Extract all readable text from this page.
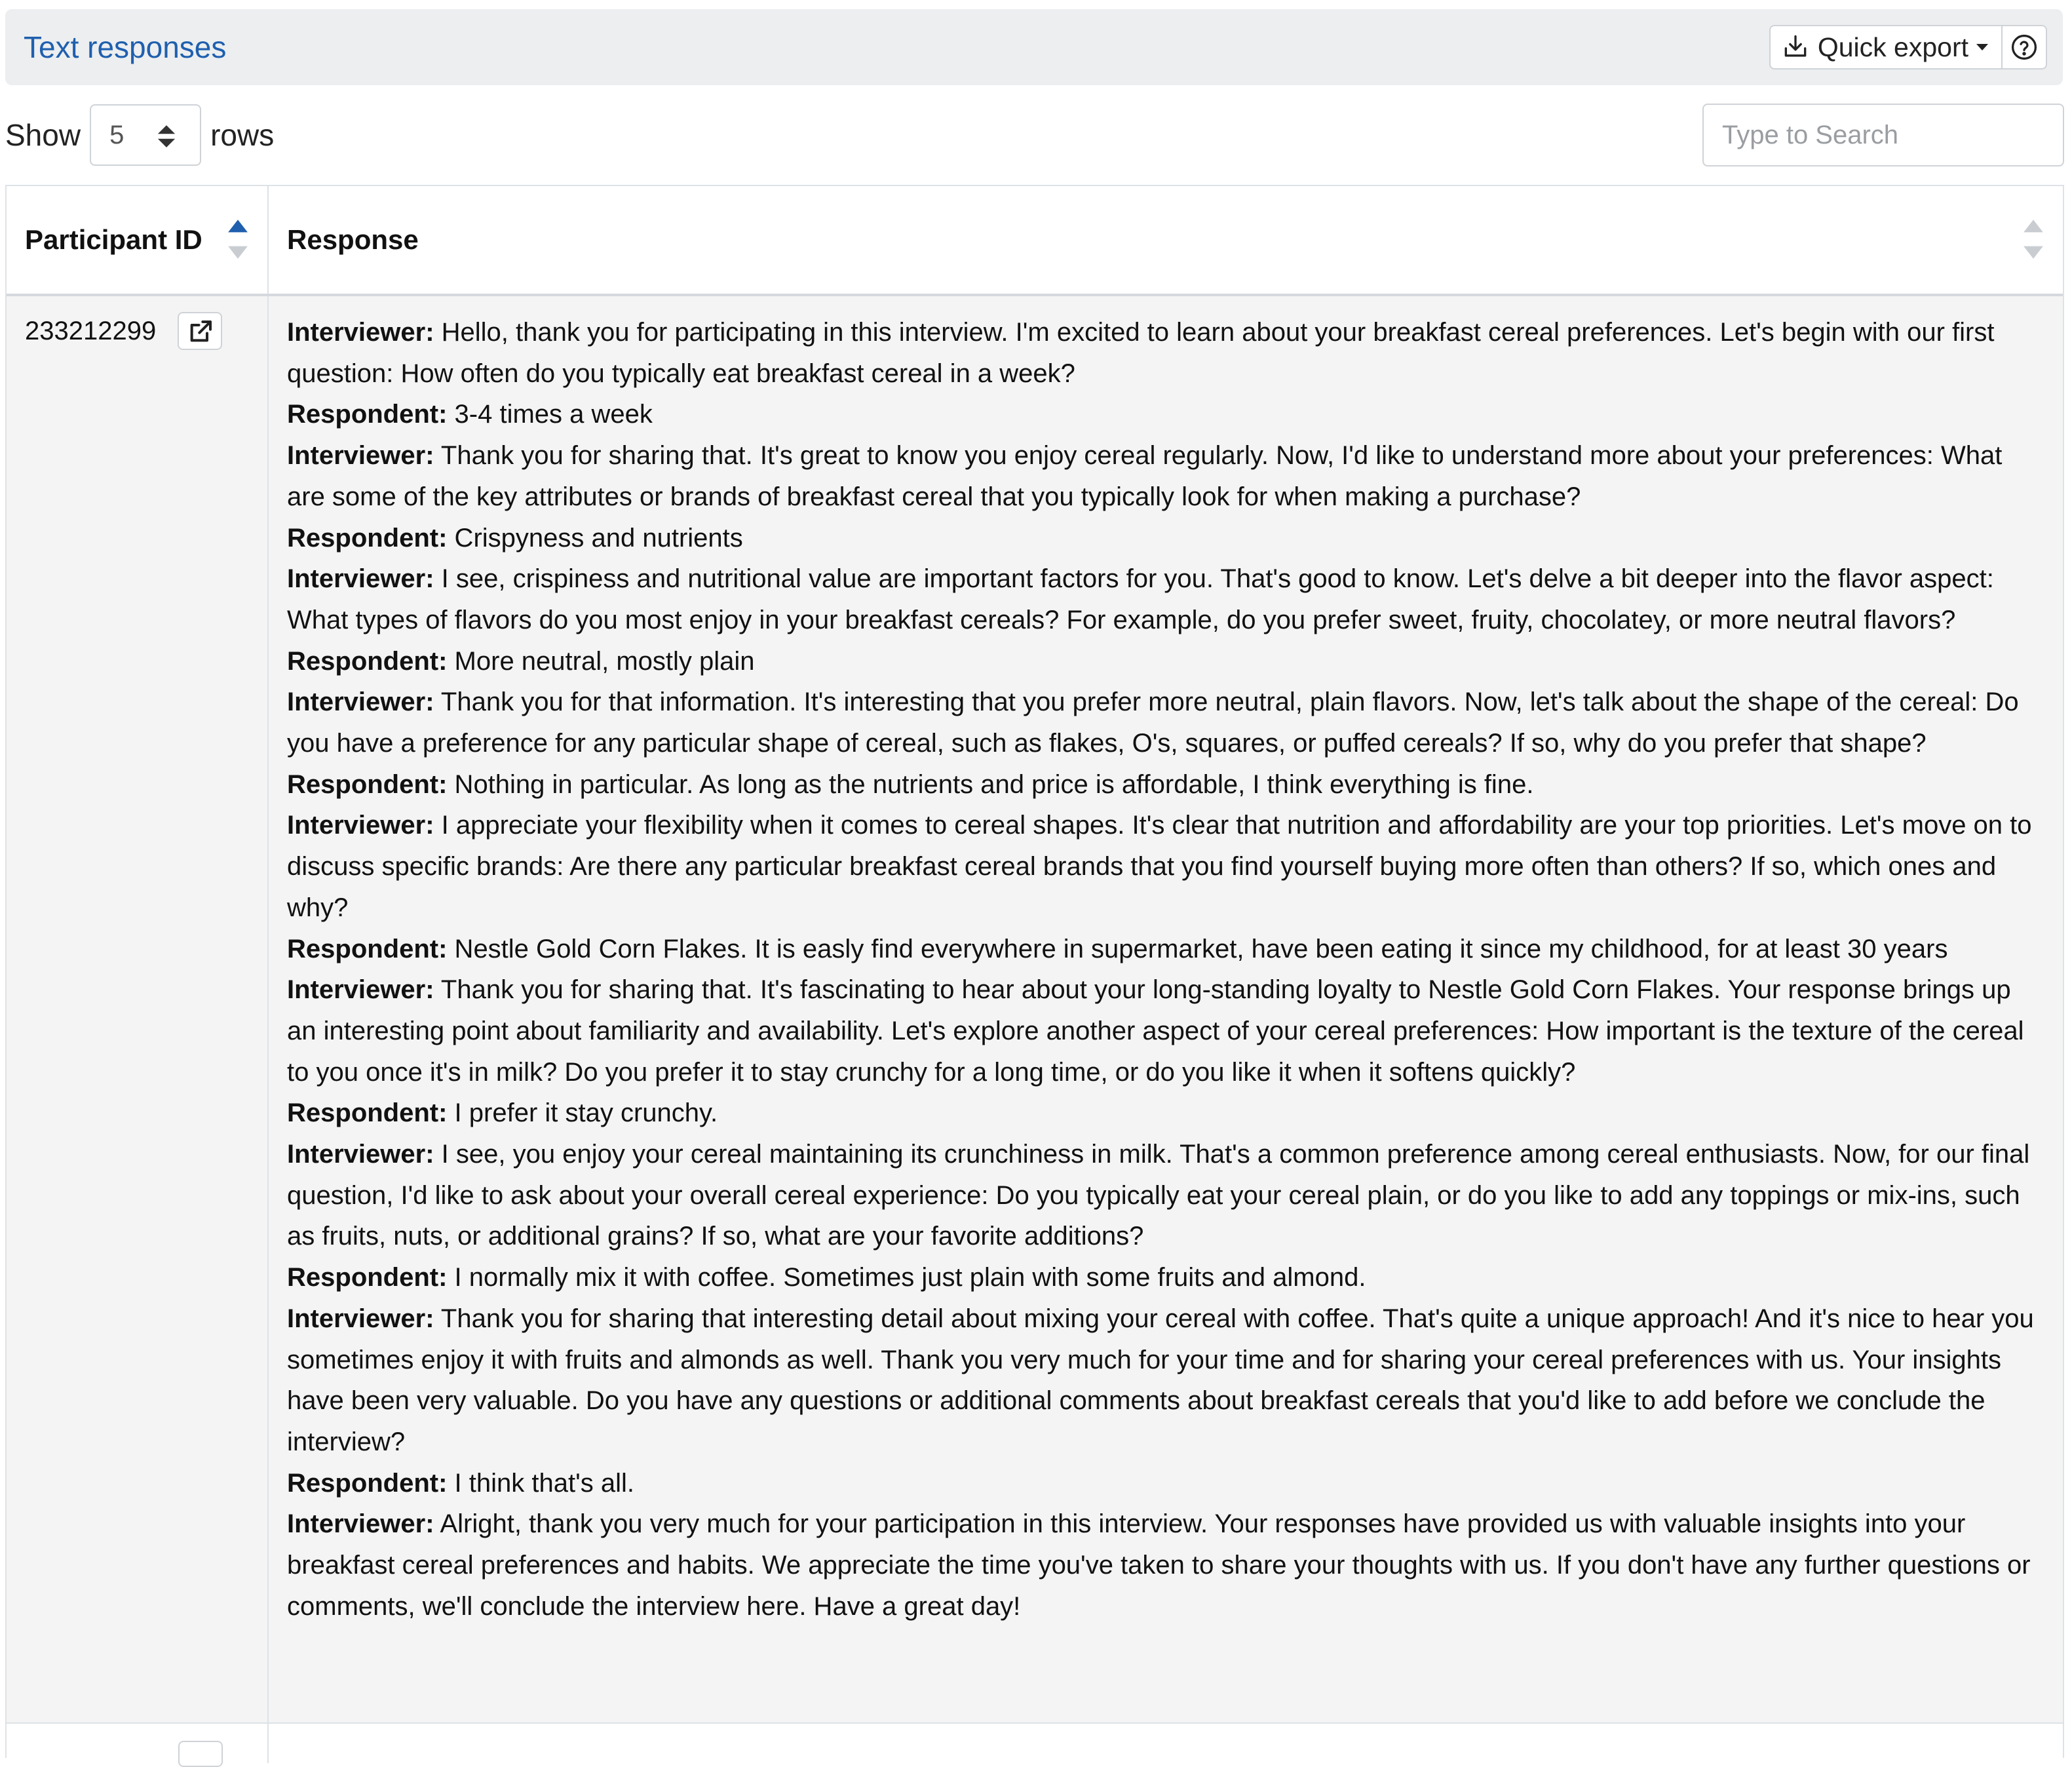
Text responses	Quick export
Show 5	rows
Type to Search
Participant ID	Response
233212299	Interviewer: Hello, thank you for participating in this interview. I'm excited to learn about your breakfast cereal preferences. Let's begin with our first question: How often do you typically eat breakfast cereal in a week?

Respondent: 3-4 times a week

Interviewer: Thank you for sharing that. It's great to know you enjoy cereal regularly. Now, I'd like to understand more about your preferences: What are some of the key attributes or brands of breakfast cereal that you typically look for when making a purchase?

Respondent: Crispyness and nutrients

Interviewer: I see, crispiness and nutritional value are important factors for you. That's good to know. Let's delve a bit deeper into the flavor aspect: What types of flavors do you most enjoy in your breakfast cereals? For example, do you prefer sweet, fruity, chocolatey, or more neutral flavors?

Respondent: More neutral, mostly plain

Interviewer: Thank you for that information. It's interesting that you prefer more neutral, plain flavors. Now, let's talk about the shape of the cereal: Do you have a preference for any particular shape of cereal, such as flakes, O's, squares, or puffed cereals? If so, why do you prefer that shape?

Respondent: Nothing in particular. As long as the nutrients and price is affordable, I think everything is fine.

Interviewer: I appreciate your flexibility when it comes to cereal shapes. It's clear that nutrition and affordability are your top priorities. Let's move on to discuss specific brands: Are there any particular breakfast cereal brands that you find yourself buying more often than others? If so, which ones and why?

Respondent: Nestle Gold Corn Flakes. It is easly find everywhere in supermarket, have been eating it since my childhood, for at least 30 years

Interviewer: Thank you for sharing that. It's fascinating to hear about your long-standing loyalty to Nestle Gold Corn Flakes. Your response brings up an interesting point about familiarity and availability. Let's explore another aspect of your cereal preferences: How important is the texture of the cereal to you once it's in milk? Do you prefer it to stay crunchy for a long time, or do you like it when it softens quickly?

Respondent: I prefer it stay crunchy.

Interviewer: I see, you enjoy your cereal maintaining its crunchiness in milk. That's a common preference among cereal enthusiasts. Now, for our final question, I'd like to ask about your overall cereal experience: Do you typically eat your cereal plain, or do you like to add any toppings or mix-ins, such as fruits, nuts, or additional grains? If so, what are your favorite additions?

Respondent: I normally mix it with coffee. Sometimes just plain with some fruits and almond.

Interviewer: Thank you for sharing that interesting detail about mixing your cereal with coffee. That's quite a unique approach! And it's nice to hear you sometimes enjoy it with fruits and almonds as well. Thank you very much for your time and for sharing your cereal preferences with us. Your insights have been very valuable. Do you have any questions or additional comments about breakfast cereals that you'd like to add before we conclude the interview?

Respondent: I think that's all.

Interviewer: Alright, thank you very much for your participation in this interview. Your responses have provided us with valuable insights into your breakfast cereal preferences and habits. We appreciate the time you've taken to share your thoughts with us. If you don't have any further questions or comments, we'll conclude the interview here. Have a great day!
